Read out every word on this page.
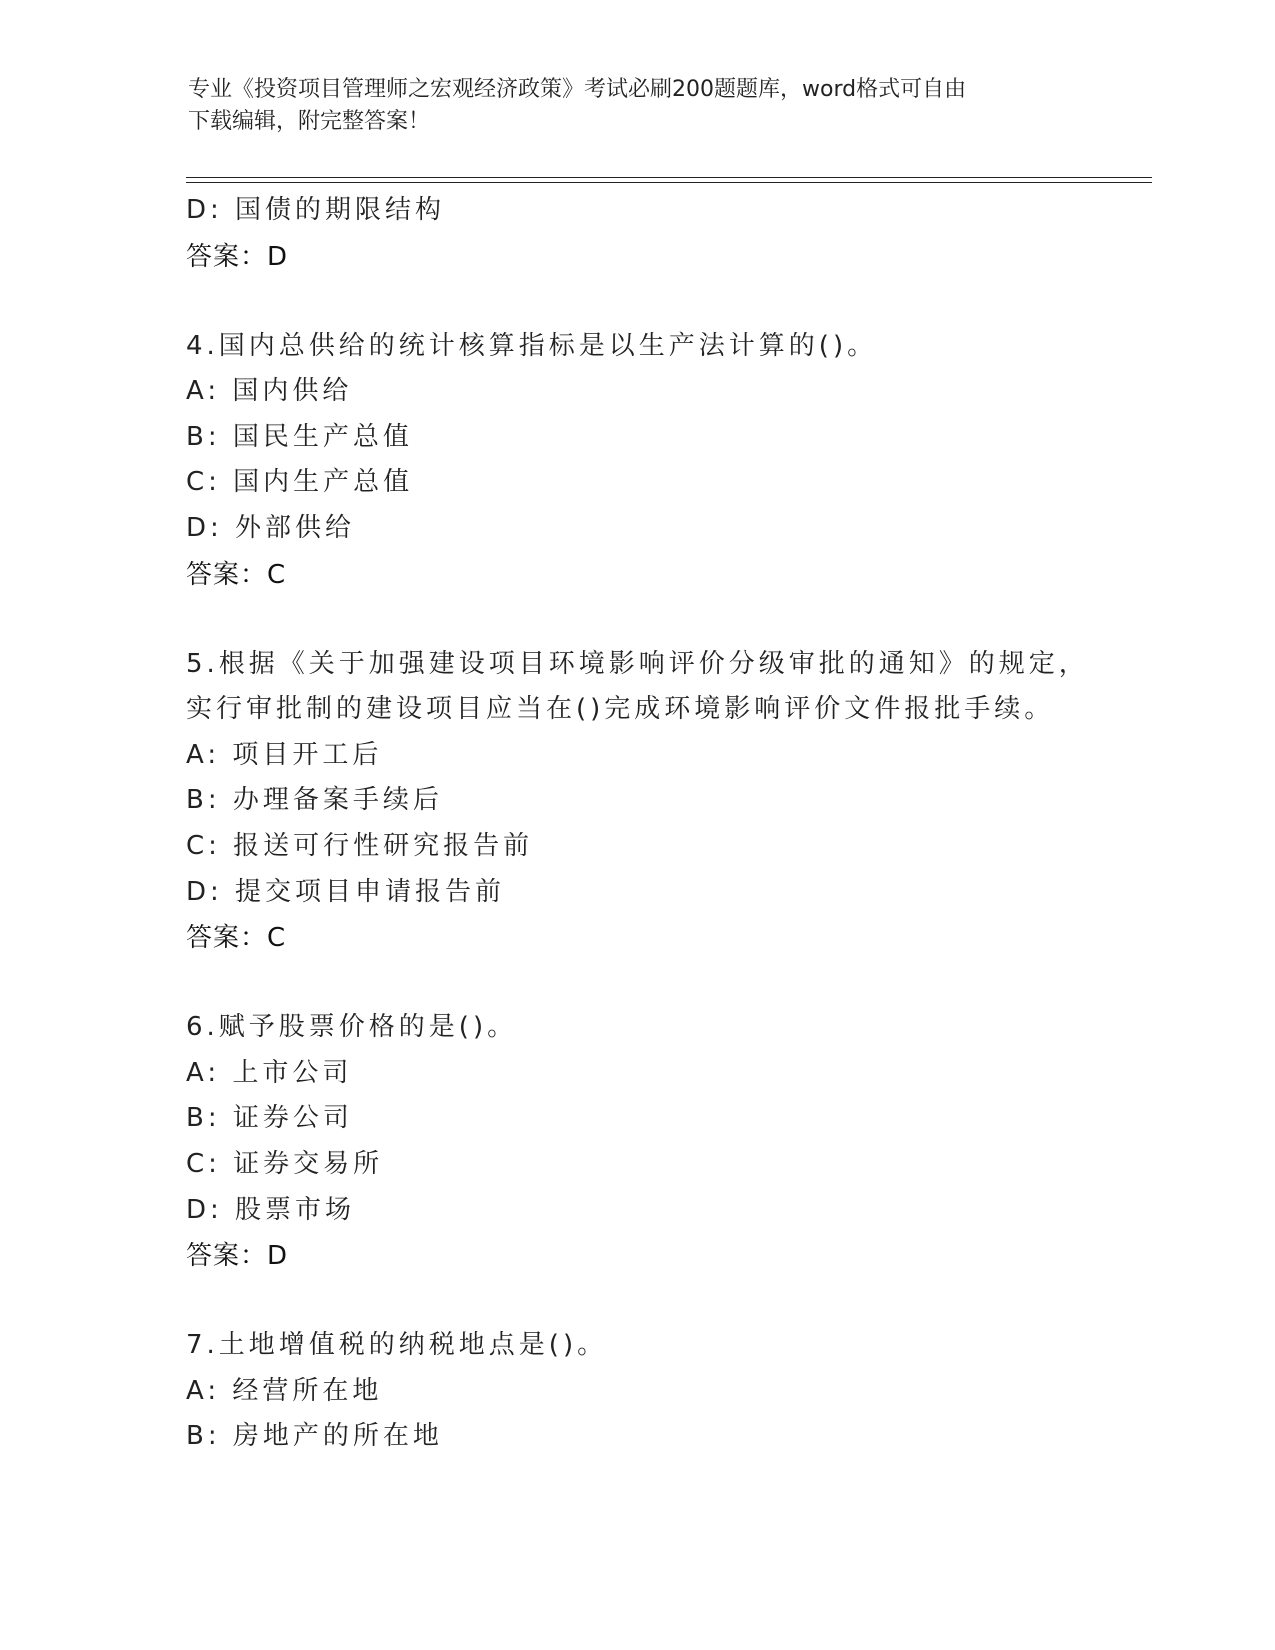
专业《投资项目管理师之宏观经济政策》考试必刷200题题库，word格式可自由
下载编辑，附完整答案！
D: 国债的期限结构
答案：D
4.国内总供给的统计核算指标是以生产法计算的()。
A: 国内供给
B: 国民生产总值
C: 国内生产总值
D: 外部供给
答案：C
5.根据《关于加强建设项目环境影响评价分级审批的通知》的规定，
实行审批制的建设项目应当在()完成环境影响评价文件报批手续。
A: 项目开工后
B: 办理备案手续后
C: 报送可行性研究报告前
D: 提交项目申请报告前
答案：C
6.赋予股票价格的是()。
A: 上市公司
B: 证券公司
C: 证券交易所
D: 股票市场
答案：D
7.土地增值税的纳税地点是()。
A: 经营所在地
B: 房地产的所在地
